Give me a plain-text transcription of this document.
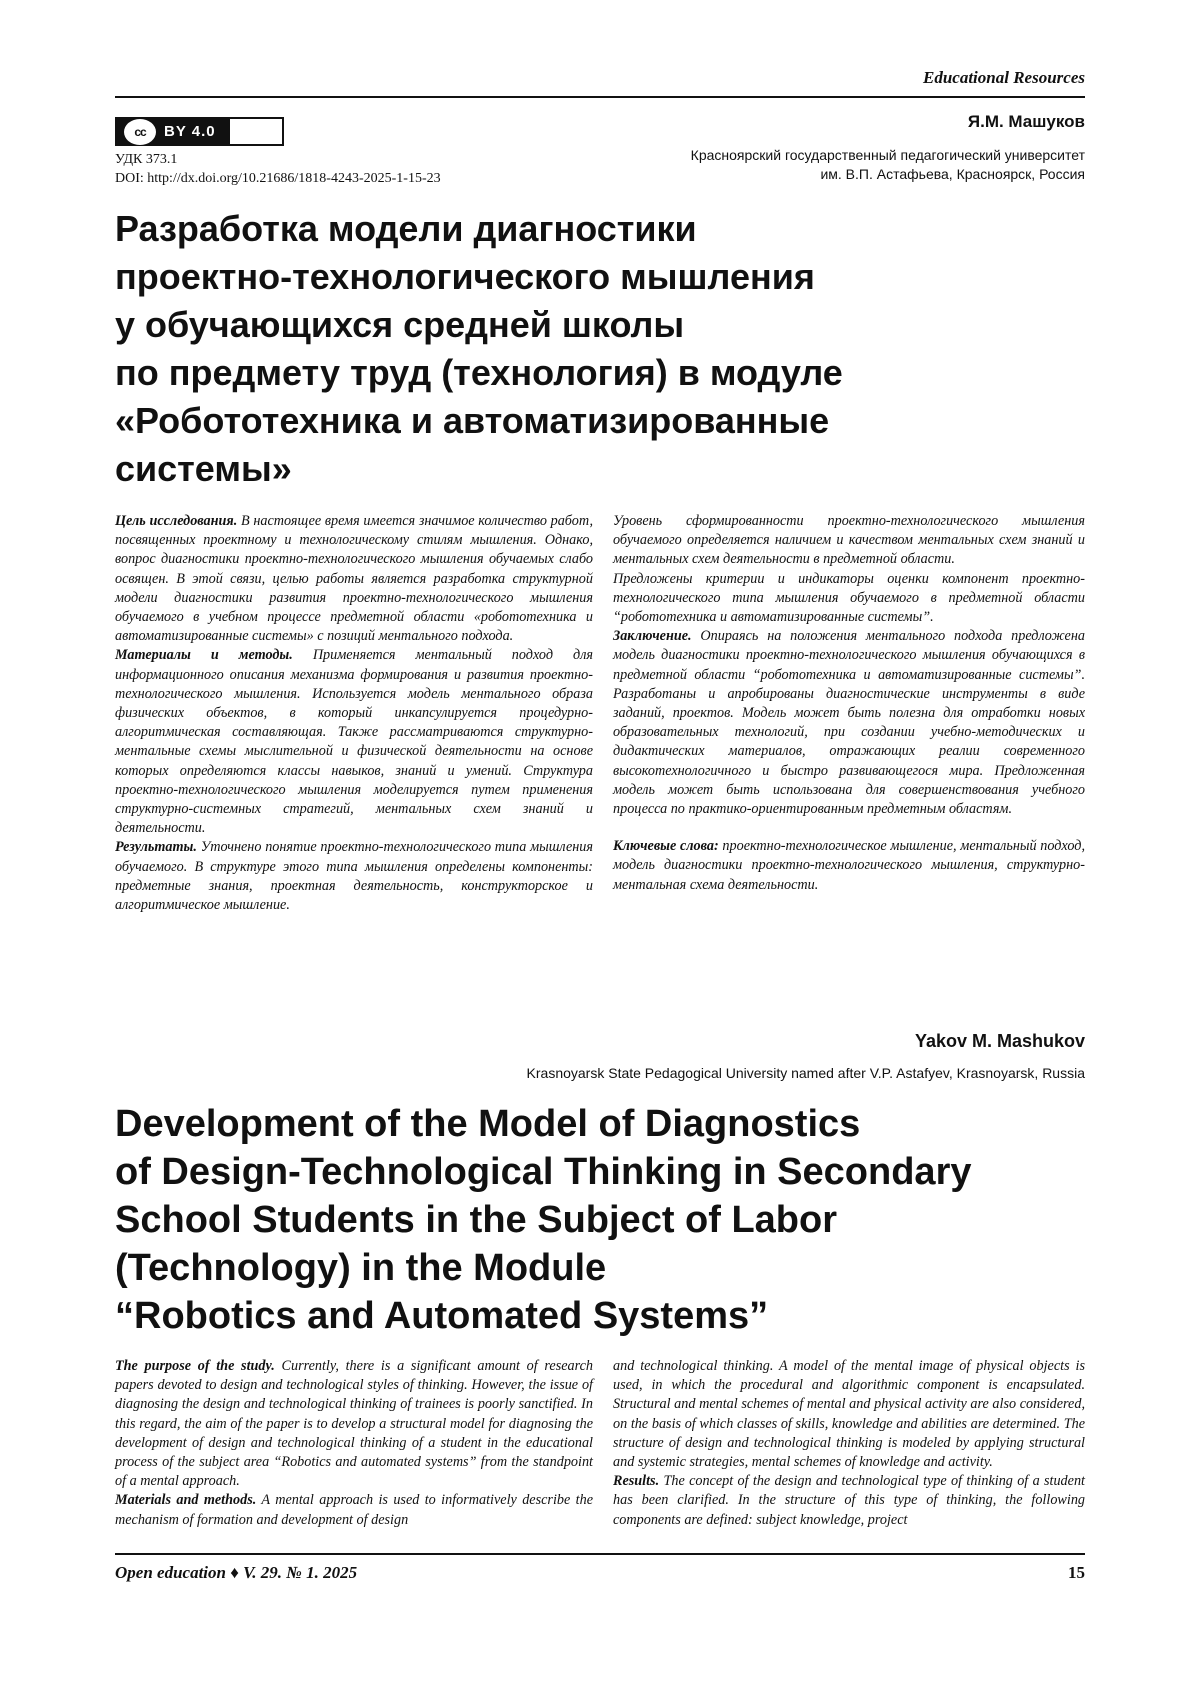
Educational Resources
cc BY 4.0
УДК 373.1
DOI: http://dx.doi.org/10.21686/1818-4243-2025-1-15-23
Я.М. Машуков
Красноярский государственный педагогический университет
им. В.П. Астафьева, Красноярск, Россия
Разработка модели диагностики
проектно-технологического мышления
у обучающихся средней школы
по предмету труд (технология) в модуле
«Робототехника и автоматизированные
системы»

Цель исследования. В настоящее время имеется значимое количество работ, посвященных проектному и технологическому стилям мышления. Однако, вопрос диагностики проектно-технологического мышления обучаемых слабо освящен. В этой связи, целью работы является разработка структурной модели диагностики развития проектно-технологического мышления обучаемого в учебном процессе предметной области «робототехника и автоматизированные системы» с позиций ментального подхода.

Материалы и методы. Применяется ментальный подход для информационного описания механизма формирования и развития проектно-технологического мышления. Используется модель ментального образа физических объектов, в который инкапсулируется процедурно-алгоритмическая составляющая. Также рассматриваются структурно-ментальные схемы мыслительной и физической деятельности на основе которых определяются классы навыков, знаний и умений. Структура проектно-технологического мышления моделируется путем применения структурно-системных стратегий, ментальных схем знаний и деятельности.

Результаты. Уточнено понятие проектно-технологического типа мышления обучаемого. В структуре этого типа мышления определены компоненты: предметные знания, проектная деятельность, конструкторское и алгоритмическое мышление.

Уровень сформированности проектно-технологического мышления обучаемого определяется наличием и качеством ментальных схем знаний и ментальных схем деятельности в предметной области.

Предложены критерии и индикаторы оценки компонент проектно-технологического типа мышления обучаемого в предметной области “робототехника и автоматизированные системы”.

Заключение. Опираясь на положения ментального подхода предложена модель диагностики проектно-технологического мышления обучающихся в предметной области “робототехника и автоматизированные системы”. Разработаны и апробированы диагностические инструменты в виде заданий, проектов. Модель может быть полезна для отработки новых образовательных технологий, при создании учебно-методических и дидактических материалов, отражающих реалии современного высокотехнологичного и быстро развивающегося мира. Предложенная модель может быть использована для совершенствования учебного процесса по практико-ориентированным предметным областям.

Ключевые слова: проектно-технологическое мышление, ментальный подход, модель диагностики проектно-технологического мышления, структурно-ментальная схема деятельности.

Yakov M. Mashukov
Krasnoyarsk State Pedagogical University named after V.P. Astafyev, Krasnoyarsk, Russia
Development of the Model of Diagnostics
of Design-Technological Thinking in Secondary
School Students in the Subject of Labor
(Technology) in the Module
“Robotics and Automated Systems”

The purpose of the study. Currently, there is a significant amount of research papers devoted to design and technological styles of thinking. However, the issue of diagnosing the design and technological thinking of trainees is poorly sanctified. In this regard, the aim of the paper is to develop a structural model for diagnosing the development of design and technological thinking of a student in the educational process of the subject area “Robotics and automated systems” from the standpoint of a mental approach.

Materials and methods. A mental approach is used to informatively describe the mechanism of formation and development of design

and technological thinking. A model of the mental image of physical objects is used, in which the procedural and algorithmic component is encapsulated. Structural and mental schemes of mental and physical activity are also considered, on the basis of which classes of skills, knowledge and abilities are determined. The structure of design and technological thinking is modeled by applying structural and systemic strategies, mental schemes of knowledge and activity.

Results. The concept of the design and technological type of thinking of a student has been clarified. In the structure of this type of thinking, the following components are defined: subject knowledge, project

Open education ♦ V. 29. № 1. 2025	15
